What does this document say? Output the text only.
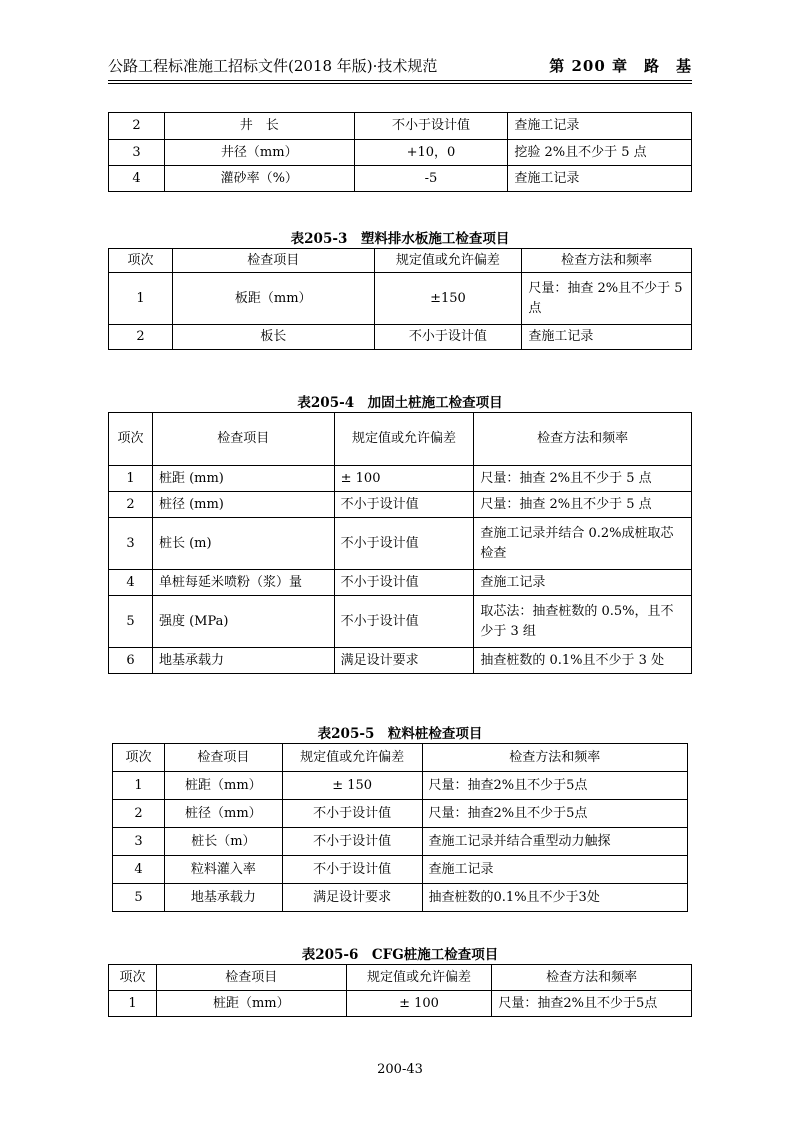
公路工程标准施工招标文件(2018 年版)·技术规范	第 200 章　路　基
2	井　长	不小于设计值	查施工记录
3	井径（mm）	+10，0	挖验 2%且不少于 5 点
4	灌砂率（%）	-5	查施工记录
表205-3　塑料排水板施工检查项目
项次	检查项目	规定值或允许偏差	检查方法和频率
1	板距（mm）	±150	尺量：抽查 2%且不少于 5 点
2	板长	不小于设计值	查施工记录
表205-4　加固土桩施工检查项目
项次	检查项目	规定值或允许偏差	检查方法和频率
1	桩距 (mm)	± 100	尺量：抽查 2%且不少于 5 点
2	桩径 (mm)	不小于设计值	尺量：抽查 2%且不少于 5 点
3	桩长 (m)	不小于设计值	查施工记录并结合 0.2%成桩取芯检查
4	单桩每延米喷粉（浆）量	不小于设计值	查施工记录
5	强度 (MPa)	不小于设计值	取芯法：抽查桩数的 0.5%，且不少于 3 组
6	地基承载力	满足设计要求	抽查桩数的 0.1%且不少于 3 处
表205-5　粒料桩检查项目
项次	检查项目	规定值或允许偏差	检查方法和频率
1	桩距（mm）	± 150	尺量：抽查2%且不少于5点
2	桩径（mm）	不小于设计值	尺量：抽查2%且不少于5点
3	桩长（m）	不小于设计值	查施工记录并结合重型动力触探
4	粒料灌入率	不小于设计值	查施工记录
5	地基承载力	满足设计要求	抽查桩数的0.1%且不少于3处
表205-6　CFG桩施工检查项目
项次	检查项目	规定值或允许偏差	检查方法和频率
1	桩距（mm）	± 100	尺量：抽查2%且不少于5点
200-43
